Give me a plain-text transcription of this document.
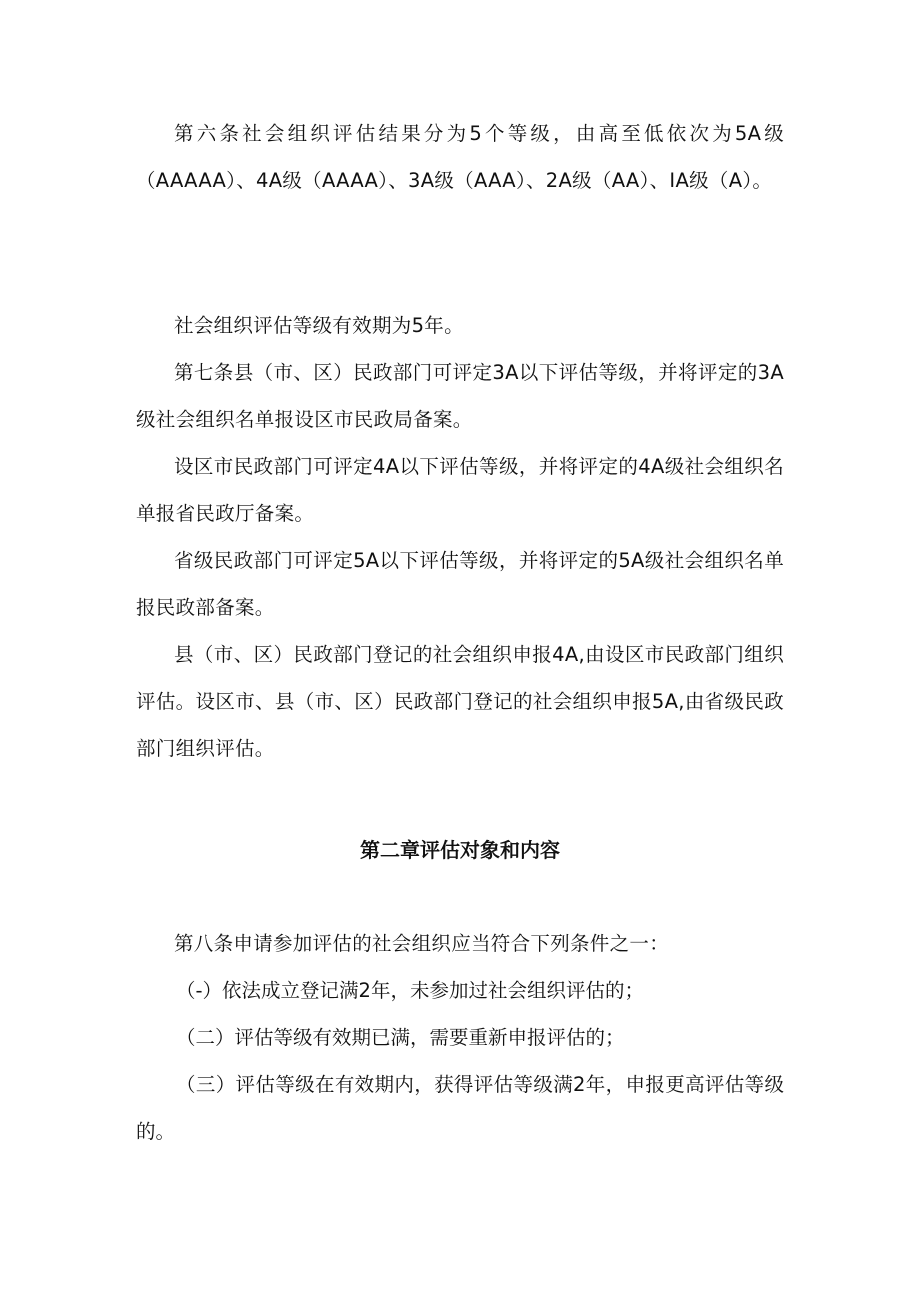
第六条社会组织评估结果分为5个等级，由高至低依次为5A级（AAAAA）、4A级（AAAA）、3A级（AAA）、2A级（AA）、IA级（A）。

社会组织评估等级有效期为5年。

第七条县（市、区）民政部门可评定3A以下评估等级，并将评定的3A级社会组织名单报设区市民政局备案。

设区市民政部门可评定4A以下评估等级，并将评定的4A级社会组织名单报省民政厅备案。

省级民政部门可评定5A以下评估等级，并将评定的5A级社会组织名单报民政部备案。

县（市、区）民政部门登记的社会组织申报4A,由设区市民政部门组织评估。设区市、县（市、区）民政部门登记的社会组织申报5A,由省级民政部门组织评估。

第二章评估对象和内容

第八条申请参加评估的社会组织应当符合下列条件之一：

（-）依法成立登记满2年，未参加过社会组织评估的；

（二）评估等级有效期已满，需要重新申报评估的；

（三）评估等级在有效期内，获得评估等级满2年，申报更高评估等级的。
